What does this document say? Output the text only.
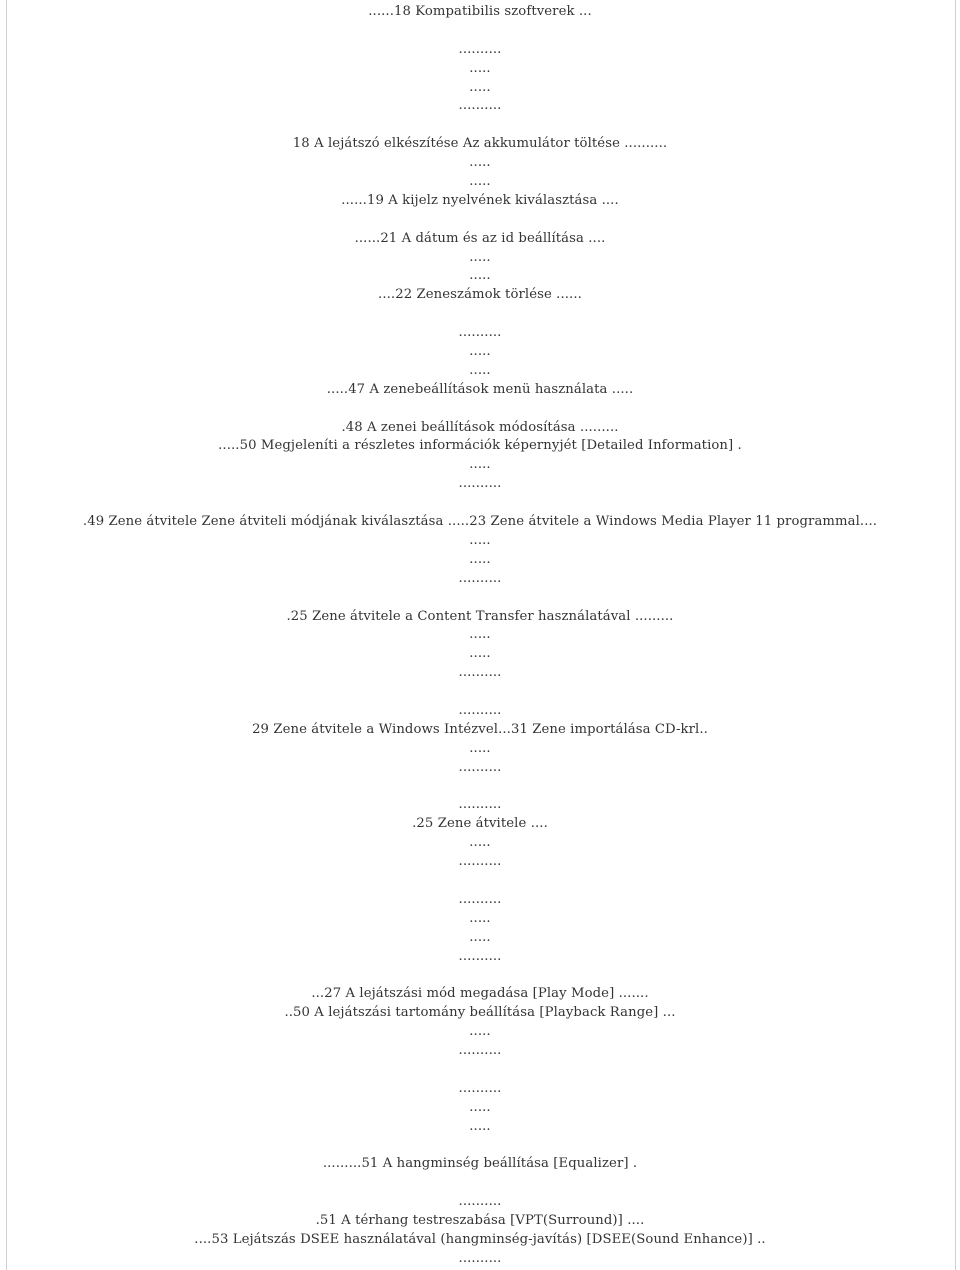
......18 Kompatibilis szoftverek ...
..........
.....
.....
..........
18 A lejátszó elkészítése Az akkumulátor töltése ..........
.....
.....
......19 A kijelz nyelvének kiválasztása ....
......21 A dátum és az id beállítása ....
.....
.....
....22 Zeneszámok törlése ......
..........
.....
.....
.....47 A zenebeállítások menü használata .....
.48 A zenei beállítások módosítása .........
.....50 Megjeleníti a részletes információk képernyjét [Detailed Information] .
.....
..........
.49 Zene átvitele Zene átviteli módjának kiválasztása .....23 Zene átvitele a Windows Media Player 11 programmal....
.....
.....
..........
.25 Zene átvitele a Content Transfer használatával .........
.....
.....
..........
..........
29 Zene átvitele a Windows Intézvel...31 Zene importálása CD-krl..
.....
..........
..........
.25 Zene átvitele ....
.....
..........
..........
.....
.....
..........
...27 A lejátszási mód megadása [Play Mode] .......
..50 A lejátszási tartomány beállítása [Playback Range] ...
.....
..........
..........
.....
.....
.........51 A hangminség beállítása [Equalizer] .
..........
.51 A térhang testreszabása [VPT(Surround)] ....
....53 Lejátszás DSEE használatával (hangminség-javítás) [DSEE(Sound Enhance)] ..
..........
